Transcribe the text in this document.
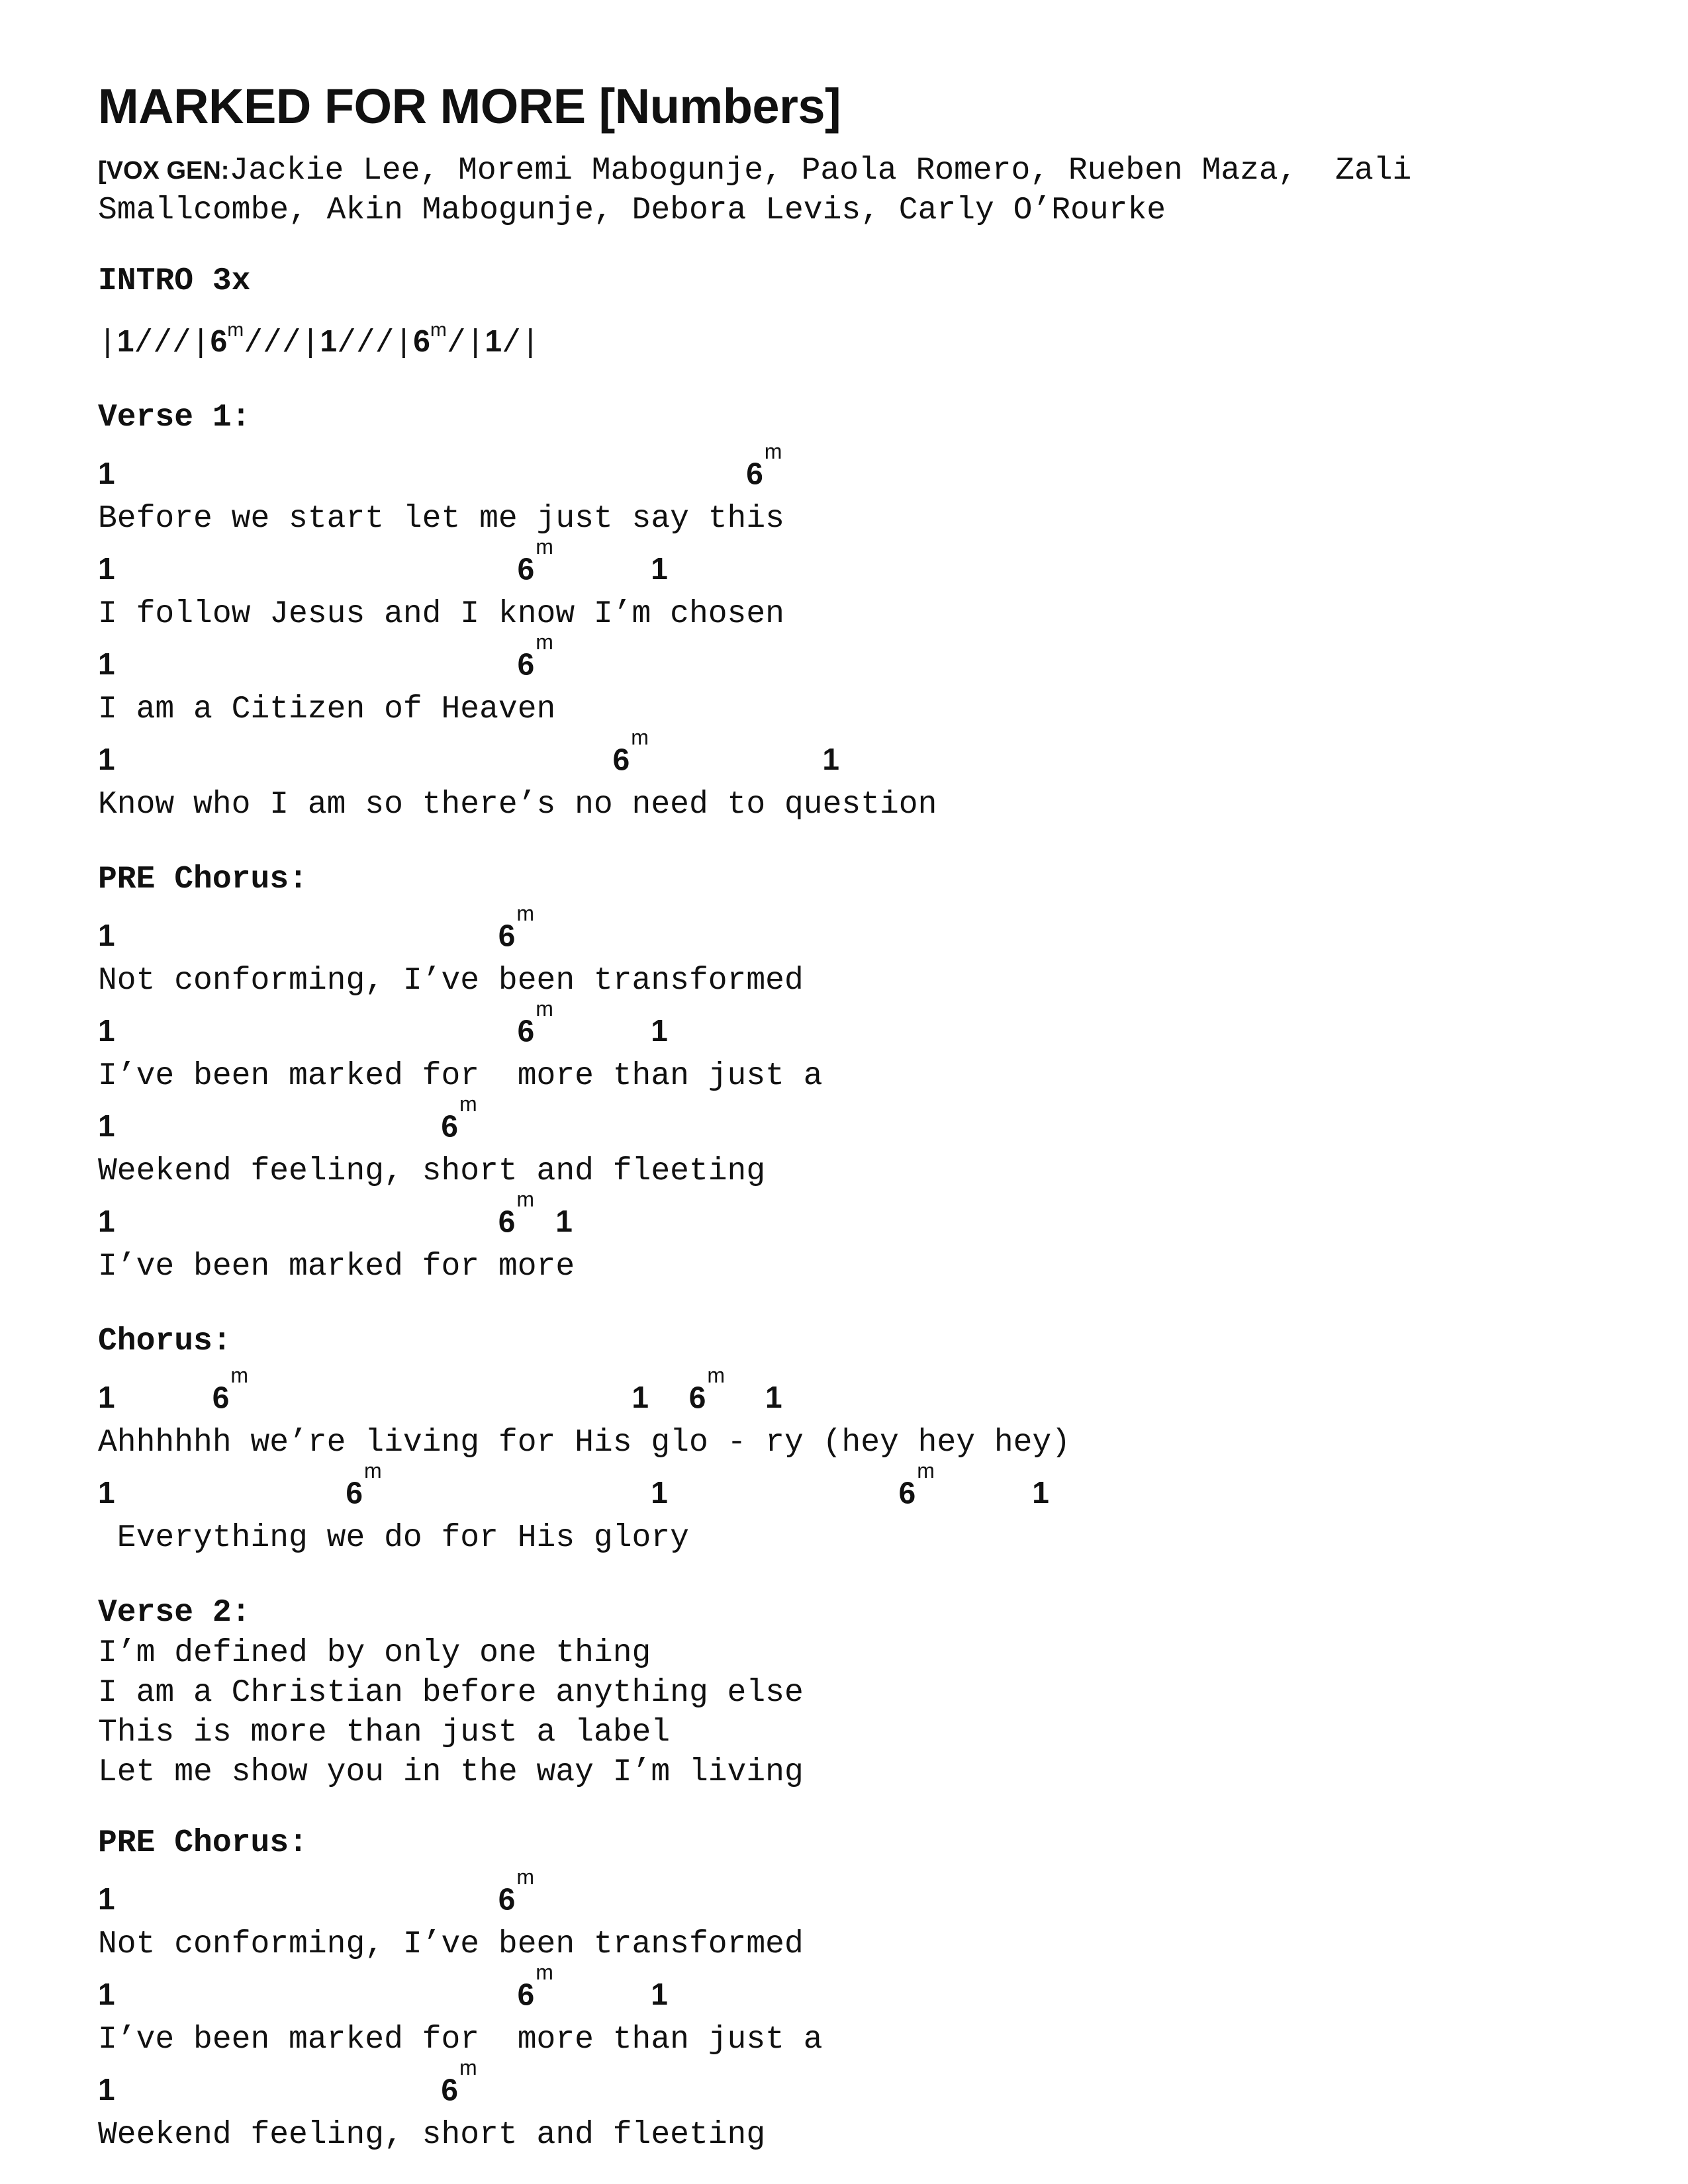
MARKED FOR MORE [Numbers]
[VOX GEN:Jackie Lee, Moremi Mabogunje, Paola Romero, Rueben Maza,  Zali
Smallcombe, Akin Mabogunje, Debora Levis, Carly O’Rourke
INTRO 3x
|1///|6$^m$///|1///|6$^m$/|1/|
Verse 1:
1	6$^m$
Before we start let me just say this
1	6$^m$
1
I follow Jesus and I know I’m chosen
1	6$^m$
I am a Citizen of Heaven
1	6$^m$
1
Know who I am so there’s no need to question
PRE Chorus:
1	6$^m$
Not conforming, I’ve been transformed
1	6$^m$
1
I’ve been marked for  more than just a
1	6$^m$
Weekend feeling, short and fleeting
1	6$^m$
1
I’ve been marked for more
Chorus:
1	6$^m$
1 6$^m$
1
Ahhhhhh we’re living for His glo - ry (hey hey hey)
1	6$^m$
1	6$^m$
1
Everything we do for His glory
Verse 2:
I’m defined by only one thing
I am a Christian before anything else
This is more than just a label
Let me show you in the way I’m living
PRE Chorus:
1	6$^m$
Not conforming, I’ve been transformed
1	6$^m$
1
I’ve been marked for  more than just a
1	6$^m$
Weekend feeling, short and fleeting
